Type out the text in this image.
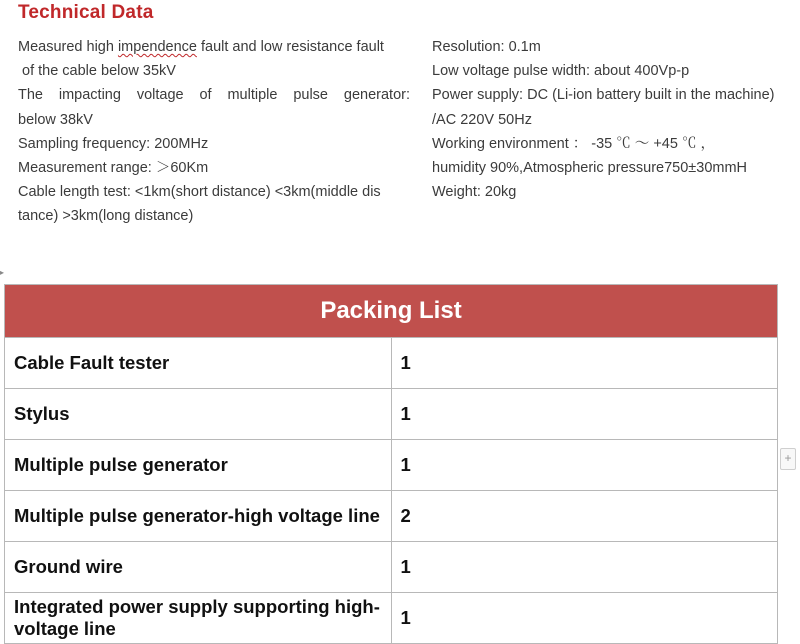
Technical Data
Measured high impendence fault and low resistance fault
of the cable below 35kV
The impacting voltage of multiple pulse generator:
below 38kV
Sampling frequency: 200MHz
Measurement range: ＞60Km
Cable length test: <1km(short distance) <3km(middle dis
tance) >3km(long distance)
Resolution: 0.1m
Low voltage pulse width: about 400Vp-p
Power supply: DC (Li-ion battery built in the machine)
/AC 220V 50Hz
Working environment ： -35 ℃ ～ +45 ℃ ，
humidity 90%,Atmospheric pressure750±30mmH
Weight: 20kg
▸
Packing List	
Cable Fault tester	1
Stylus	1
Multiple pulse generator	1
Multiple pulse generator-high voltage line	2
Ground wire	1
Integrated power supply supporting high-voltage line	1
+
